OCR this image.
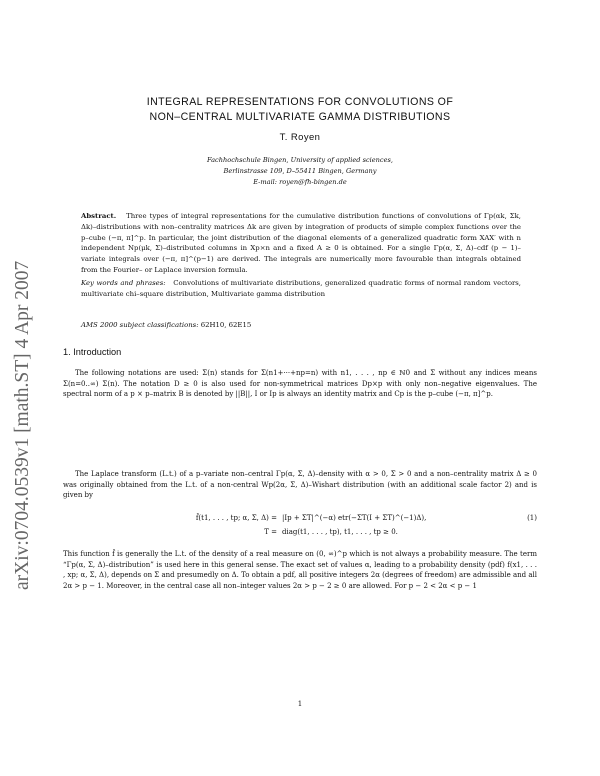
arXiv:0704.0539v1 [math.ST] 4 Apr 2007
INTEGRAL REPRESENTATIONS FOR CONVOLUTIONS OF
NON–CENTRAL MULTIVARIATE GAMMA DISTRIBUTIONS
T. Royen
Fachhochschule Bingen, University of applied sciences,
Berlinstrasse 109, D–55411 Bingen, Germany
E-mail: royen@fh-bingen.de
Abstract. Three types of integral representations for the cumulative distribution functions of convolutions of Γp(αk, Σk, Δk)–distributions with non–centrality matrices Δk are given by integration of products of simple complex functions over the p–cube (−π, π]^p. In particular, the joint distribution of the diagonal elements of a generalized quadratic form XAX′ with n independent Np(μk, Σ)–distributed columns in Xp×n and a fixed A ≥ 0 is obtained. For a single Γp(α, Σ, Δ)–cdf (p − 1)–variate integrals over (−π, π]^(p−1) are derived. The integrals are numerically more favourable than integrals obtained from the Fourier– or Laplace inversion formula.
Key words and phrases: Convolutions of multivariate distributions, generalized quadratic forms of normal random vectors, multivariate chi–square distribution, Multivariate gamma distribution
AMS 2000 subject classifications: 62H10, 62E15
1. Introduction
The following notations are used: Σ(n) stands for Σ(n1+···+np=n) with n1, . . . , np ∈ ℕ0 and Σ without any indices means Σ(n=0..∞) Σ(n). The notation D ≥ 0 is also used for non-symmetrical matrices Dp×p with only non–negative eigenvalues. The spectral norm of a p × p–matrix B is denoted by ||B||, I or Ip is always an identity matrix and Cp is the p–cube (−π, π]^p.
The Laplace transform (L.t.) of a p–variate non–central Γp(α, Σ, Δ)–density with α > 0, Σ > 0 and a non–centrality matrix Δ ≥ 0 was originally obtained from the L.t. of a non-central Wp(2α, Σ, Δ)–Wishart distribution (with an additional scale factor 2) and is given by
f̂(t1, . . . , tp; α, Σ, Δ) = |Ip + ΣT|^(−α) etr(−ΣT(I + ΣT)^(−1)Δ),	(1)
T = diag(t1, . . . , tp), t1, . . . , tp ≥ 0.
This function f̂ is generally the L.t. of the density of a real measure on (0, ∞)^p which is not always a probability measure. The term “Γp(α, Σ, Δ)–distribution” is used here in this general sense. The exact set of values α, leading to a probability density (pdf) f(x1, . . . , xp; α, Σ, Δ), depends on Σ and presumedly on Δ. To obtain a pdf, all positive integers 2α (degrees of freedom) are admissible and all 2α > p − 1. Moreover, in the central case all non–integer values 2α > p − 2 ≥ 0 are allowed. For p − 2 < 2α < p − 1
1
